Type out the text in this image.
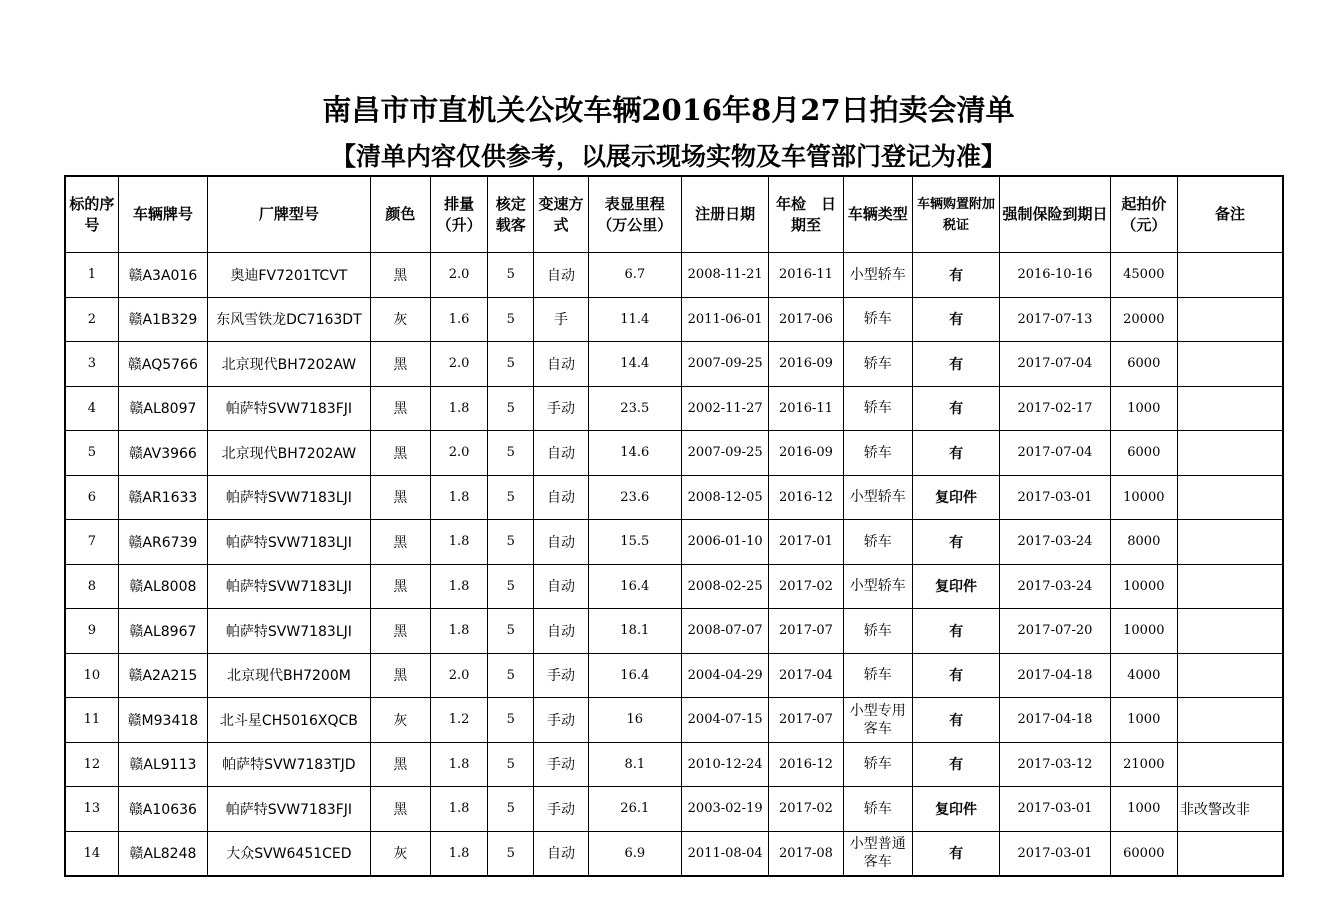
南昌市市直机关公改车辆2016年8月27日拍卖会清单
【清单内容仅供参考，以展示现场实物及车管部门登记为准】
标的序号	车辆牌号	厂牌型号	颜色	排量（升）	核定载客	变速方式	表显里程（万公里）	注册日期	年检　日期至	车辆类型	车辆购置附加税证	强制保险到期日	起拍价（元）	备注
1	赣A3A016	奥迪FV7201TCVT	黑	2.0	5	自动	6.7	2008-11-21	2016-11	小型轿车	有	2016-10-16	45000	
2	赣A1B329	东风雪铁龙DC7163DT	灰	1.6	5	手	11.4	2011-06-01	2017-06	轿车	有	2017-07-13	20000	
3	赣AQ5766	北京现代BH7202AW	黑	2.0	5	自动	14.4	2007-09-25	2016-09	轿车	有	2017-07-04	6000	
4	赣AL8097	帕萨特SVW7183FJI	黑	1.8	5	手动	23.5	2002-11-27	2016-11	轿车	有	2017-02-17	1000	
5	赣AV3966	北京现代BH7202AW	黑	2.0	5	自动	14.6	2007-09-25	2016-09	轿车	有	2017-07-04	6000	
6	赣AR1633	帕萨特SVW7183LJI	黑	1.8	5	自动	23.6	2008-12-05	2016-12	小型轿车	复印件	2017-03-01	10000	
7	赣AR6739	帕萨特SVW7183LJI	黑	1.8	5	自动	15.5	2006-01-10	2017-01	轿车	有	2017-03-24	8000	
8	赣AL8008	帕萨特SVW7183LJI	黑	1.8	5	自动	16.4	2008-02-25	2017-02	小型轿车	复印件	2017-03-24	10000	
9	赣AL8967	帕萨特SVW7183LJI	黑	1.8	5	自动	18.1	2008-07-07	2017-07	轿车	有	2017-07-20	10000	
10	赣A2A215	北京现代BH7200M	黑	2.0	5	手动	16.4	2004-04-29	2017-04	轿车	有	2017-04-18	4000	
11	赣M93418	北斗星CH5016XQCB	灰	1.2	5	手动	16	2004-07-15	2017-07	小型专用客车	有	2017-04-18	1000	
12	赣AL9113	帕萨特SVW7183TJD	黑	1.8	5	手动	8.1	2010-12-24	2016-12	轿车	有	2017-03-12	21000	
13	赣A10636	帕萨特SVW7183FJI	黑	1.8	5	手动	26.1	2003-02-19	2017-02	轿车	复印件	2017-03-01	1000	非改警改非
14	赣AL8248	大众SVW6451CED	灰	1.8	5	自动	6.9	2011-08-04	2017-08	小型普通客车	有	2017-03-01	60000	
